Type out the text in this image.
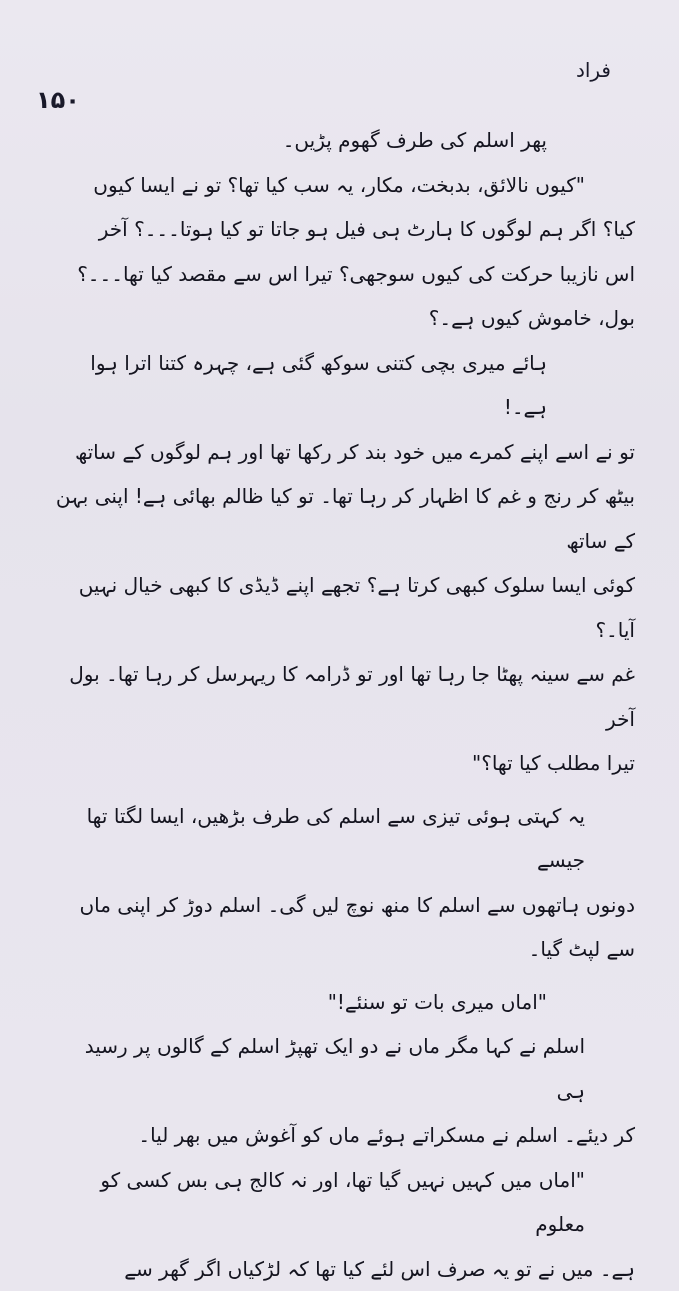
فراد
۱۵۰

پھر اسلم کی طرف گھوم پڑیں۔

"کیوں نالائق، بدبخت، مکار، یہ سب کیا تھا؟ تو نے ایسا کیوں

کیا؟ اگر ہم لوگوں کا ہارٹ ہی فیل ہو جاتا تو کیا ہوتا۔۔۔؟ آخر

اس نازیبا حرکت کی کیوں سوجھی؟ تیرا اس سے مقصد کیا تھا۔۔۔؟

بول، خاموش کیوں ہے۔؟

ہائے میری بچی کتنی سوکھ گئی ہے، چہرہ کتنا اترا ہوا ہے۔!

تو نے اسے اپنے کمرے میں خود بند کر رکھا تھا اور ہم لوگوں کے ساتھ

بیٹھ کر رنج و غم کا اظہار کر رہا تھا۔ تو کیا ظالم بھائی ہے! اپنی بہن کے ساتھ

کوئی ایسا سلوک کبھی کرتا ہے؟ تجھے اپنے ڈیڈی کا کبھی خیال نہیں آیا۔؟

غم سے سینہ پھٹا جا رہا تھا اور تو ڈرامہ کا ریہرسل کر رہا تھا۔ بول آخر

تیرا مطلب کیا تھا؟"

یہ کہتی ہوئی تیزی سے اسلم کی طرف بڑھیں، ایسا لگتا تھا جیسے

دونوں ہاتھوں سے اسلم کا منھ نوچ لیں گی۔ اسلم دوڑ کر اپنی ماں

سے لپٹ گیا۔

"اماں میری بات تو سنئے!"

اسلم نے کہا مگر ماں نے دو ایک تھپڑ اسلم کے گالوں پر رسید ہی

کر دیئے۔ اسلم نے مسکراتے ہوئے ماں کو آغوش میں بھر لیا۔

"اماں میں کہیں نہیں گیا تھا، اور نہ کالج ہی بس کسی کو معلوم

ہے۔ میں نے تو یہ صرف اس لئے کیا تھا کہ لڑکیاں اگر گھر سے
